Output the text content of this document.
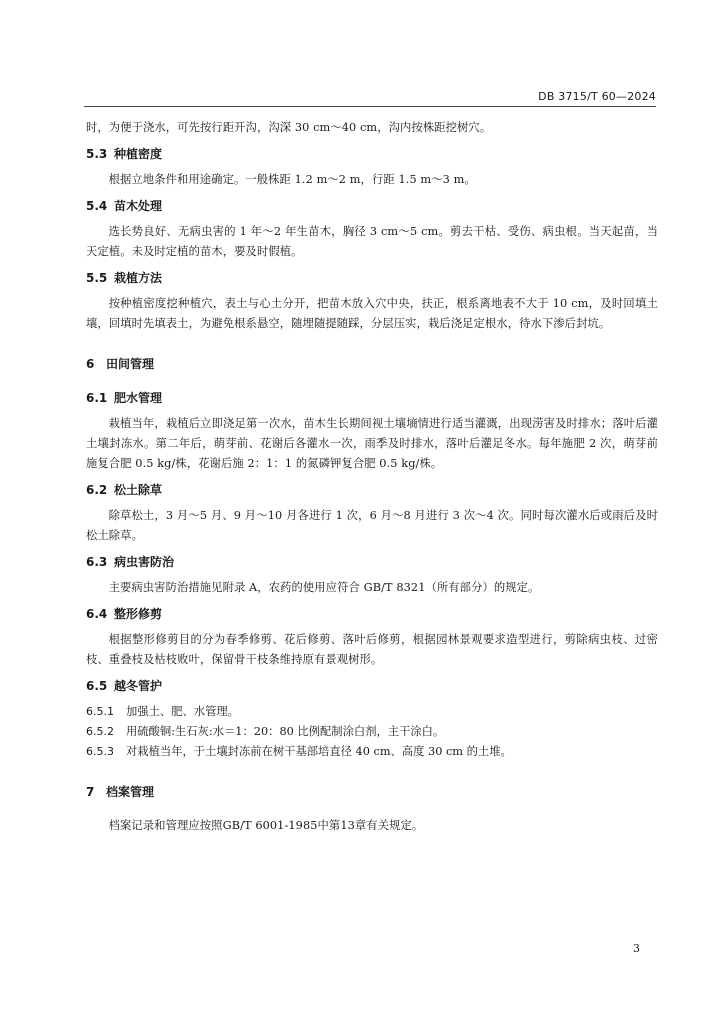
DB 3715/T 60—2024

时，为便于浇水，可先按行距开沟，沟深 30 cm～40 cm，沟内按株距挖树穴。

5.3 种植密度

根据立地条件和用途确定。一般株距 1.2 m～2 m，行距 1.5 m～3 m。

5.4 苗木处理

选长势良好、无病虫害的 1 年～2 年生苗木，胸径 3 cm～5 cm。剪去干枯、受伤、病虫根。当天起苗，当天定植。未及时定植的苗木，要及时假植。

5.5 栽植方法

按种植密度挖种植穴，表土与心土分开，把苗木放入穴中央，扶正，根系离地表不大于 10 cm，及时回填土壤，回填时先填表土，为避免根系悬空，随埋随提随踩，分层压实，栽后浇足定根水，待水下渗后封坑。

6 田间管理
6.1 肥水管理

栽植当年，栽植后立即浇足第一次水，苗木生长期间视土壤墒情进行适当灌溉，出现涝害及时排水；落叶后灌土壤封冻水。第二年后，萌芽前、花谢后各灌水一次，雨季及时排水，落叶后灌足冬水。每年施肥 2 次，萌芽前施复合肥 0.5 kg/株，花谢后施 2：1：1 的氮磷钾复合肥 0.5 kg/株。

6.2 松土除草

除草松土，3 月～5 月、9 月～10 月各进行 1 次，6 月～8 月进行 3 次～4 次。同时每次灌水后或雨后及时松土除草。

6.3 病虫害防治

主要病虫害防治措施见附录 A，农药的使用应符合 GB/T 8321（所有部分）的规定。

6.4 整形修剪

根据整形修剪目的分为春季修剪、花后修剪、落叶后修剪，根据园林景观要求造型进行，剪除病虫枝、过密枝、重叠枝及枯枝败叶，保留骨干枝条维持原有景观树形。

6.5 越冬管护
6.5.1 加强土、肥、水管理。
6.5.2 用硫酸铜:生石灰:水＝1：20：80 比例配制涂白剂，主干涂白。
6.5.3 对栽植当年，于土壤封冻前在树干基部培直径 40 cm、高度 30 cm 的土堆。
7 档案管理

档案记录和管理应按照GB/T 6001-1985中第13章有关规定。

3
